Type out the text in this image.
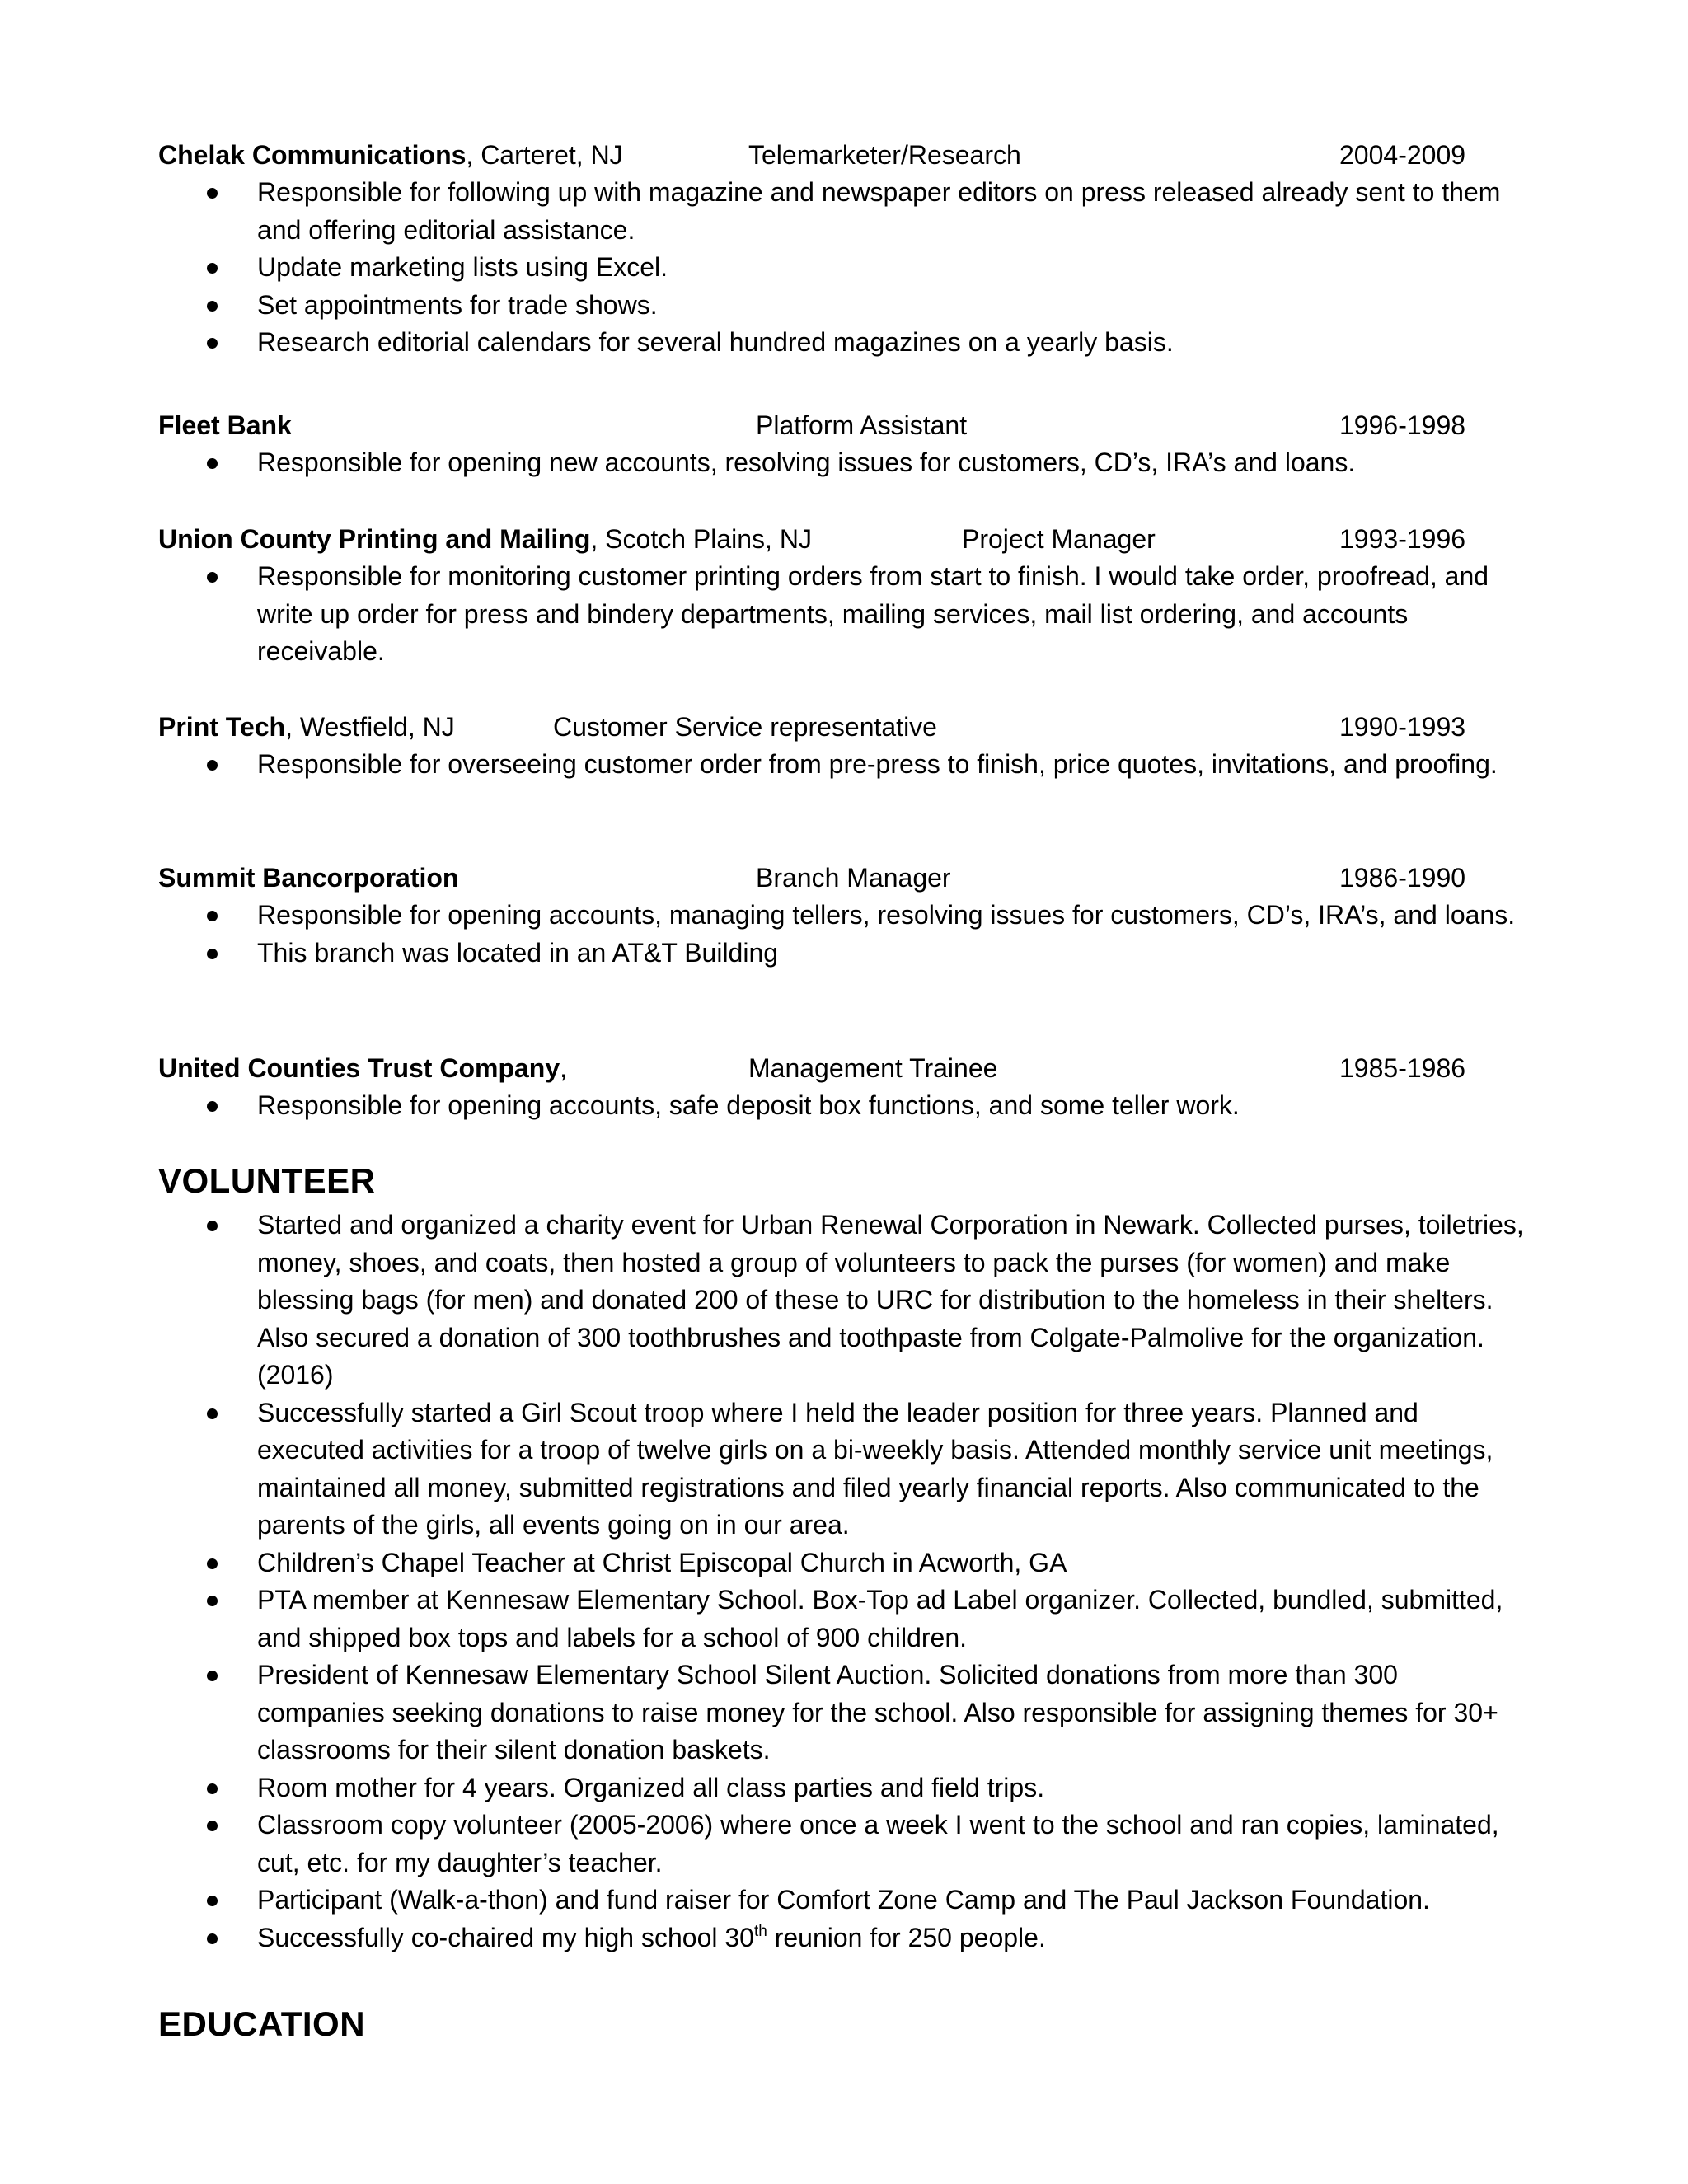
Chelak Communications, Carteret, NJ	Telemarketer/Research	2004-2009
Responsible for following up with magazine and newspaper editors on press released already sent to them and offering editorial assistance.
Update marketing lists using Excel.
Set appointments for trade shows.
Research editorial calendars for several hundred magazines on a yearly basis.
Fleet Bank	Platform Assistant	1996-1998
Responsible for opening new accounts, resolving issues for customers, CD’s, IRA’s and loans.
Union County Printing and Mailing, Scotch Plains, NJ	Project Manager	1993-1996
Responsible for monitoring customer printing orders from start to finish. I would take order, proofread, and write up order for press and bindery departments, mailing services, mail list ordering, and accounts receivable.
Print Tech, Westfield, NJ	Customer Service representative	1990-1993
Responsible for overseeing customer order from pre-press to finish, price quotes, invitations, and proofing.
Summit Bancorporation	Branch Manager	1986-1990
Responsible for opening accounts, managing tellers, resolving issues for customers, CD’s, IRA’s, and loans.
This branch was located in an AT&T Building
United Counties Trust Company,	Management Trainee	1985-1986
Responsible for opening accounts, safe deposit box functions, and some teller work.
VOLUNTEER
Started and organized a charity event for Urban Renewal Corporation in Newark. Collected purses, toiletries, money, shoes, and coats, then hosted a group of volunteers to pack the purses (for women) and make blessing bags (for men) and donated 200 of these to URC for distribution to the homeless in their shelters. Also secured a donation of 300 toothbrushes and toothpaste from Colgate-Palmolive for the organization. (2016)
Successfully started a Girl Scout troop where I held the leader position for three years. Planned and executed activities for a troop of twelve girls on a bi-weekly basis. Attended monthly service unit meetings, maintained all money, submitted registrations and filed yearly financial reports. Also communicated to the parents of the girls, all events going on in our area.
Children’s Chapel Teacher at Christ Episcopal Church in Acworth, GA
PTA member at Kennesaw Elementary School. Box-Top ad Label organizer. Collected, bundled, submitted, and shipped box tops and labels for a school of 900 children.
President of Kennesaw Elementary School Silent Auction. Solicited donations from more than 300 companies seeking donations to raise money for the school. Also responsible for assigning themes for 30+ classrooms for their silent donation baskets.
Room mother for 4 years. Organized all class parties and field trips.
Classroom copy volunteer (2005-2006) where once a week I went to the school and ran copies, laminated, cut, etc. for my daughter’s teacher.
Participant (Walk-a-thon) and fund raiser for Comfort Zone Camp and The Paul Jackson Foundation.
Successfully co-chaired my high school 30th reunion for 250 people.
EDUCATION
